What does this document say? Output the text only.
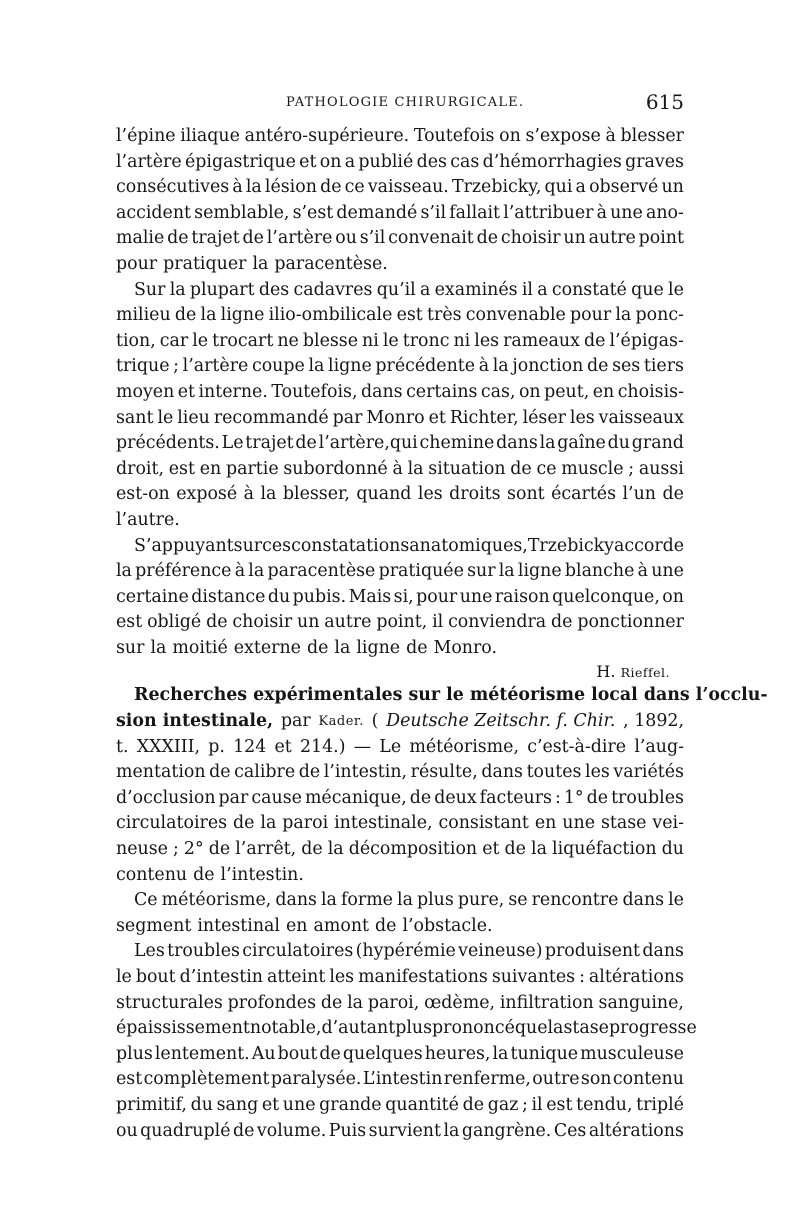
PATHOLOGIE CHIRURGICALE.	615
l’épine iliaque antéro-supérieure. Toutefois on s’expose à blesser
l’artère épigastrique et on a publié des cas d’hémorrhagies graves
consécutives à la lésion de ce vaisseau. Trzebicky, qui a observé un
accident semblable, s’est demandé s’il fallait l’attribuer à une ano-
malie de trajet de l’artère ou s’il convenait de choisir un autre point
pour pratiquer la paracentèse.
Sur la plupart des cadavres qu’il a examinés il a constaté que le
milieu de la ligne ilio-ombilicale est très convenable pour la ponc-
tion, car le trocart ne blesse ni le tronc ni les rameaux de l’épigas-
trique ; l’artère coupe la ligne précédente à la jonction de ses tiers
moyen et interne. Toutefois, dans certains cas, on peut, en choisis-
sant le lieu recommandé par Monro et Richter, léser les vaisseaux
précédents. Le trajet de l’artère,qui chemine dans la gaîne du grand
droit, est en partie subordonné à la situation de ce muscle ; aussi
est-on exposé à la blesser, quand les droits sont écartés l’un de
l’autre.
S’appuyant sur ces constatations anatomiques, Trzebicky accorde
la préférence à la paracentèse pratiquée sur la ligne blanche à une
certaine distance du pubis. Mais si, pour une raison quelconque, on
est obligé de choisir un autre point, il conviendra de ponctionner
sur la moitié externe de la ligne de Monro.
H. Rieffel.
Recherches expérimentales sur le météorisme local dans l’occlu-
sion intestinale, par Kader. ( Deutsche Zeitschr. f. Chir. , 1892,
t. XXXIII, p. 124 et 214.) — Le météorisme, c’est-à-dire l’aug-
mentation de calibre de l’intestin, résulte, dans toutes les variétés
d’occlusion par cause mécanique, de deux facteurs : 1° de troubles
circulatoires de la paroi intestinale, consistant en une stase vei-
neuse ; 2° de l’arrêt, de la décomposition et de la liquéfaction du
contenu de l’intestin.
Ce météorisme, dans la forme la plus pure, se rencontre dans le
segment intestinal en amont de l’obstacle.
Les troubles circulatoires (hypérémie veineuse) produisent dans
le bout d’intestin atteint les manifestations suivantes : altérations
structurales profondes de la paroi, œdème, infiltration sanguine,
épaississement notable, d’autant plus prononcé que la stase progresse
plus lentement. Au bout de quelques heures, la tunique musculeuse
est complètement paralysée. L’intestin renferme, outre son contenu
primitif, du sang et une grande quantité de gaz ; il est tendu, triplé
ou quadruplé de volume. Puis survient la gangrène. Ces altérations
